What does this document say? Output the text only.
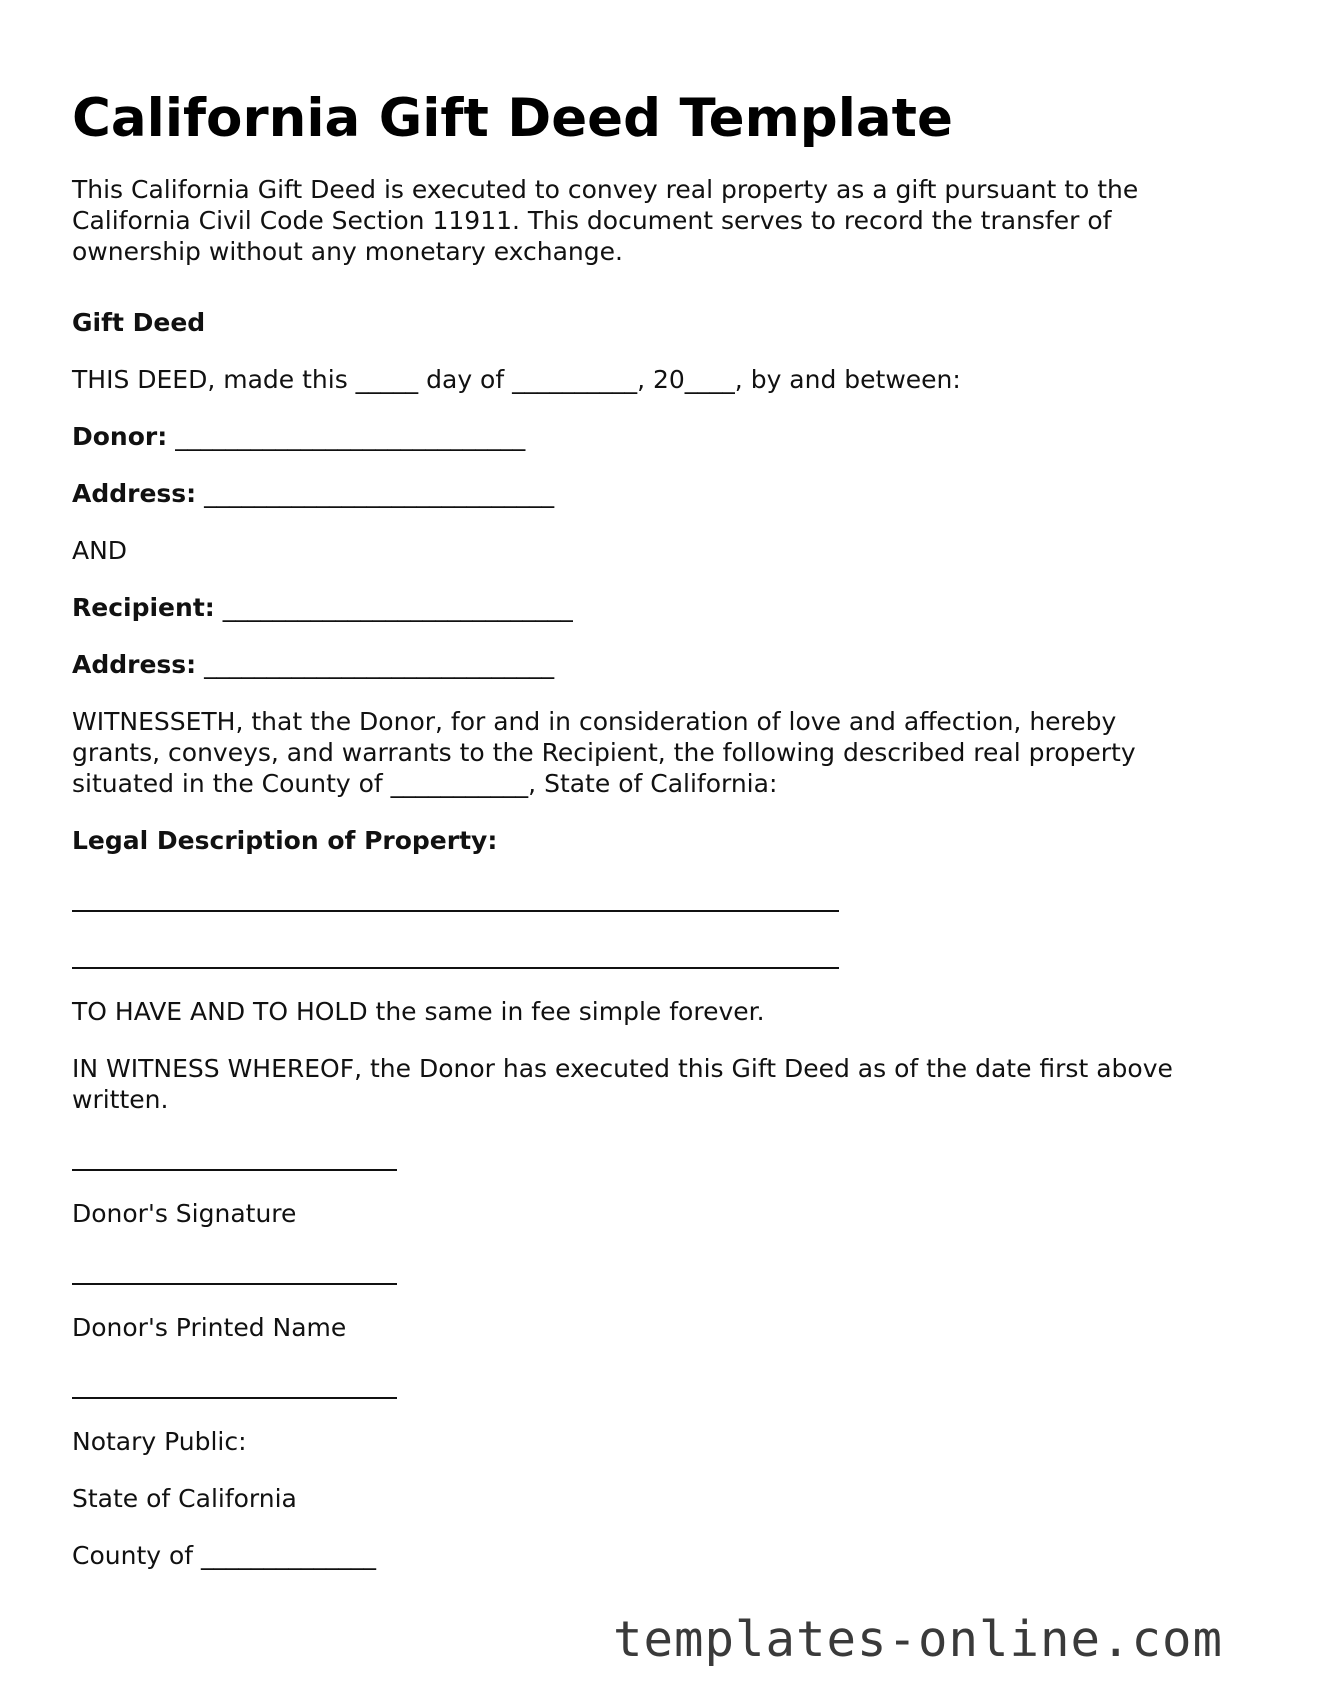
California Gift Deed Template

This California Gift Deed is executed to convey real property as a gift pursuant to the California Civil Code Section 11911. This document serves to record the transfer of ownership without any monetary exchange.

Gift Deed

THIS DEED, made this _____ day of __________, 20____, by and between:

Donor: ____________________________

Address: ____________________________

AND

Recipient: ____________________________

Address: ____________________________

WITNESSETH, that the Donor, for and in consideration of love and affection, hereby grants, conveys, and warrants to the Recipient, the following described real property situated in the County of ___________, State of California:

Legal Description of Property:

TO HAVE AND TO HOLD the same in fee simple forever.

IN WITNESS WHEREOF, the Donor has executed this Gift Deed as of the date first above written.

Donor's Signature

Donor's Printed Name

Notary Public:

State of California

County of ______________

templates-online.com
